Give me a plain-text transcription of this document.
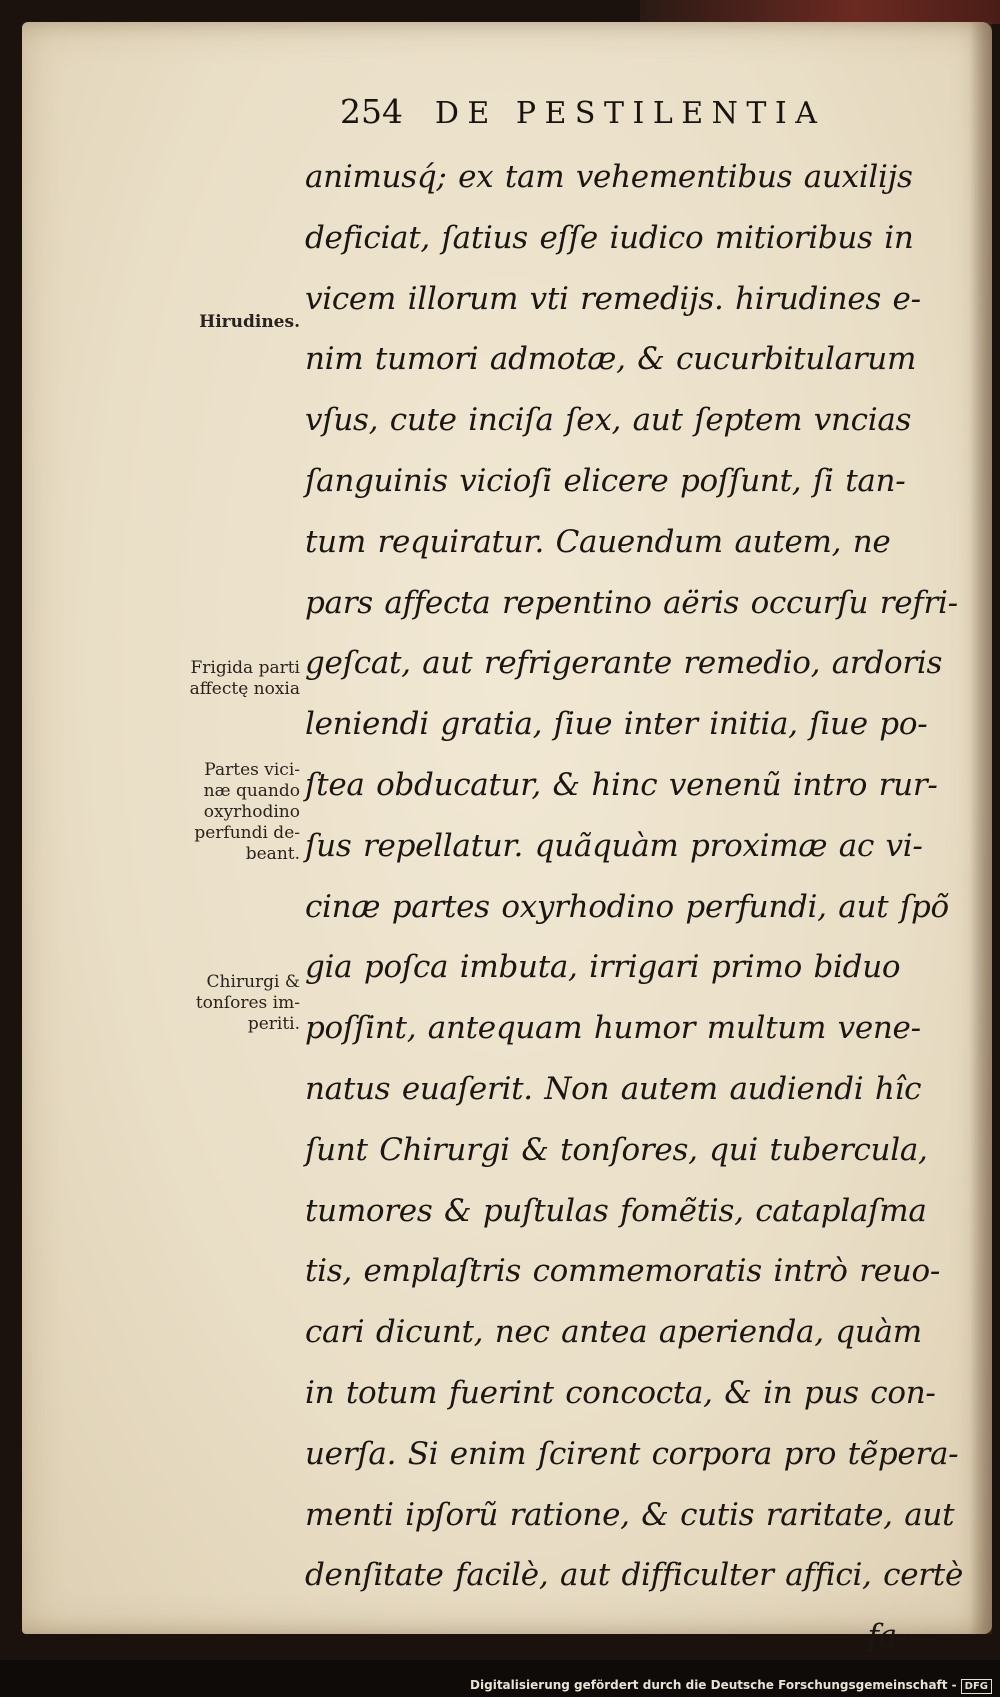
254 DE PESTILENTIA
animusq́; ex tam vehementibus auxilijs
deficiat, ſatius eſſe iudico mitioribus in
vicem illorum vti remedijs. hirudines e-
nim tumori admotæ, & cucurbitularum
vſus, cute inciſa ſex, aut ſeptem vncias
ſanguinis vicioſi elicere poſſunt, ſi tan-
tum requiratur. Cauendum autem, ne
pars affecta repentino aëris occurſu refri-
geſcat, aut refrigerante remedio, ardoris
leniendi gratia, ſiue inter initia, ſiue po-
ſtea obducatur, & hinc venenũ intro rur-
ſus repellatur. quãquàm proximæ ac vi-
cinæ partes oxyrhodino perfundi, aut ſpõ
gia poſca imbuta, irrigari primo biduo
poſſint, antequam humor multum vene-
natus euaſerit. Non autem audiendi hîc
ſunt Chirurgi & tonſores, qui tubercula,
tumores & puſtulas fomẽtis, cataplaſma
tis, emplaſtris commemoratis intrò reuo-
cari dicunt, nec antea aperienda, quàm
in totum fuerint concocta, & in pus con-
uerſa. Si enim ſcirent corpora pro tẽpera-
menti ipſorũ ratione, & cutis raritate, aut
denſitate facilè, aut difficulter affici, certè
fa-
Hirudines.
Frigida parti
affectę noxia
Partes vici-
næ quando
oxyrhodino
perfundi de-
beant.
Chirurgi &
tonſores im-
periti.
Digitalisierung gefördert durch die Deutsche Forschungsgemeinschaft - DFG
